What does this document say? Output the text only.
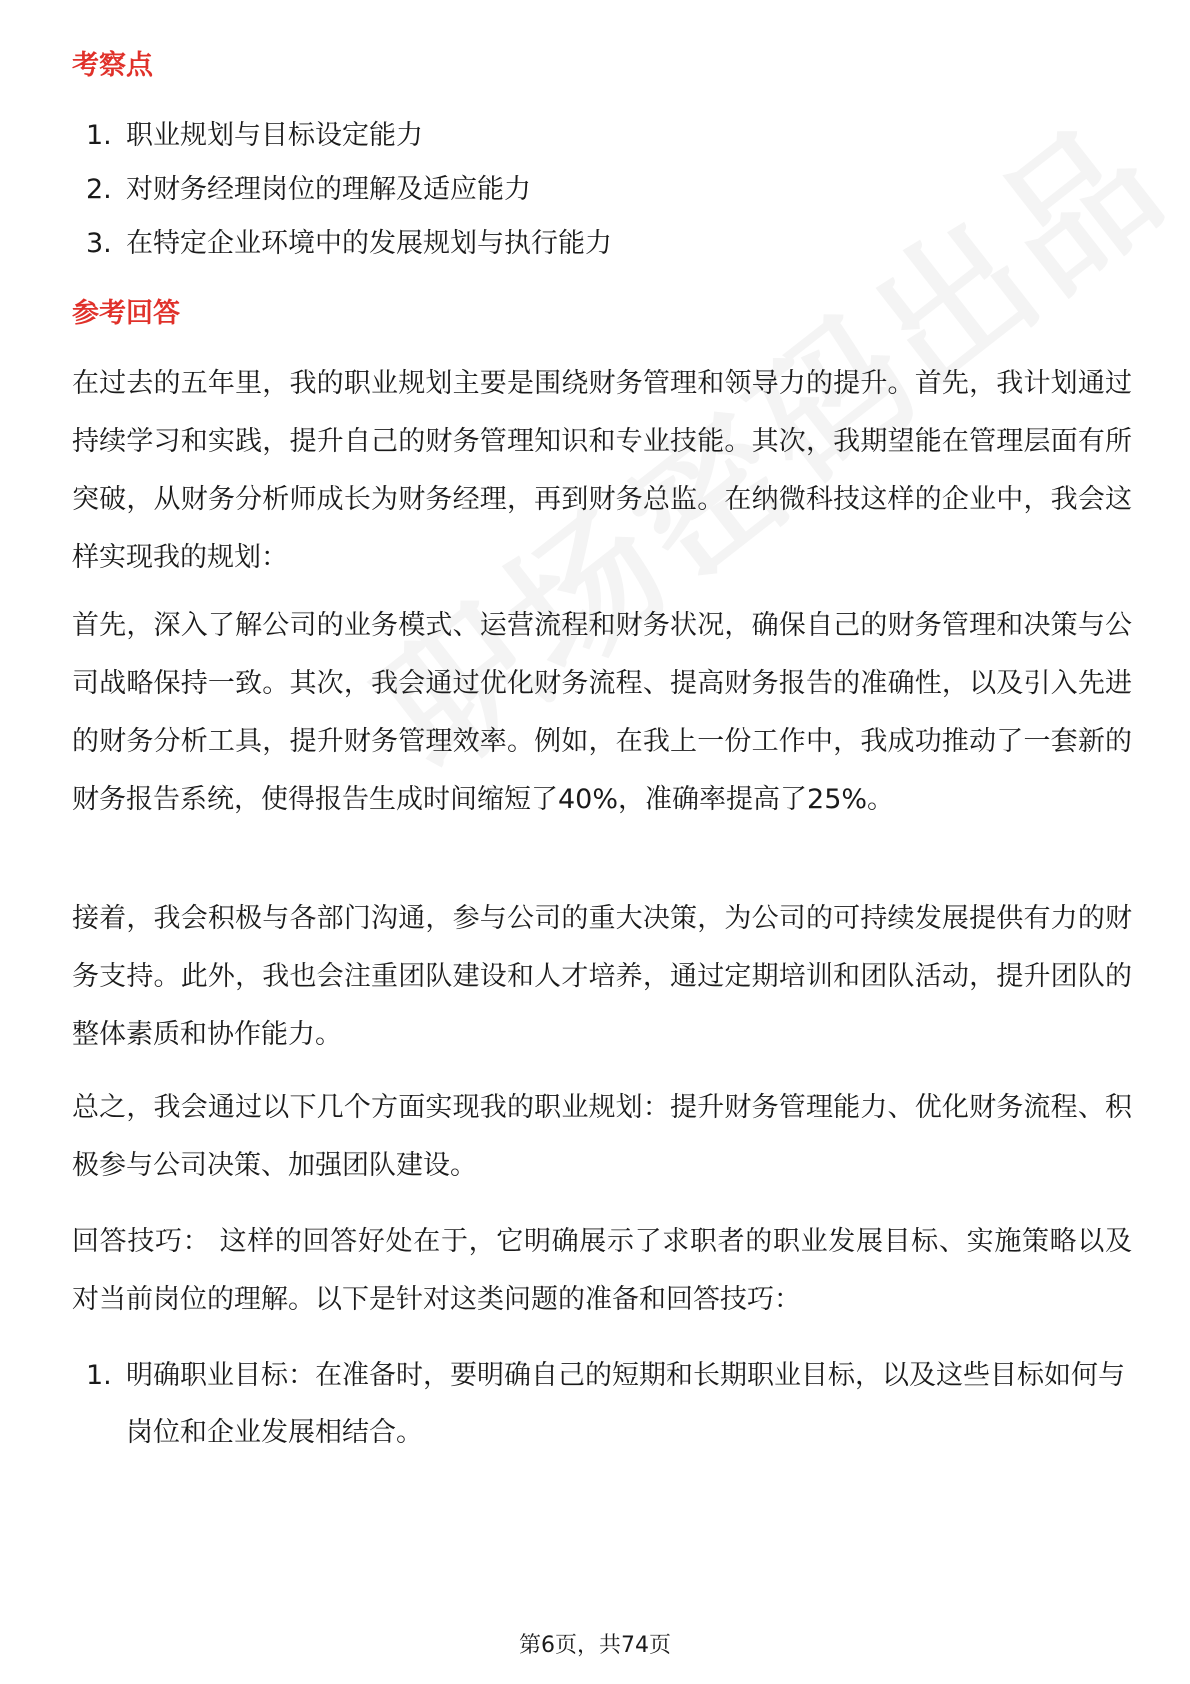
考察点
1. 职业规划与目标设定能力
2. 对财务经理岗位的理解及适应能力
3. 在特定企业环境中的发展规划与执行能力
参考回答

在过去的五年里，我的职业规划主要是围绕财务管理和领导力的提升。首先，我计划通过持续学习和实践，提升自己的财务管理知识和专业技能。其次，我期望能在管理层面有所突破，从财务分析师成长为财务经理，再到财务总监。在纳微科技这样的企业中，我会这样实现我的规划：

首先，深入了解公司的业务模式、运营流程和财务状况，确保自己的财务管理和决策与公司战略保持一致。其次，我会通过优化财务流程、提高财务报告的准确性，以及引入先进的财务分析工具，提升财务管理效率。例如，在我上一份工作中，我成功推动了一套新的财务报告系统，使得报告生成时间缩短了40%，准确率提高了25%。

接着，我会积极与各部门沟通，参与公司的重大决策，为公司的可持续发展提供有力的财务支持。此外，我也会注重团队建设和人才培养，通过定期培训和团队活动，提升团队的整体素质和协作能力。

总之，我会通过以下几个方面实现我的职业规划：提升财务管理能力、优化财务流程、积极参与公司决策、加强团队建设。

回答技巧： 这样的回答好处在于，它明确展示了求职者的职业发展目标、实施策略以及对当前岗位的理解。以下是针对这类问题的准备和回答技巧：

1. 明确职业目标：在准备时，要明确自己的短期和长期职业目标，以及这些目标如何与岗位和企业发展相结合。
第6页，共74页
